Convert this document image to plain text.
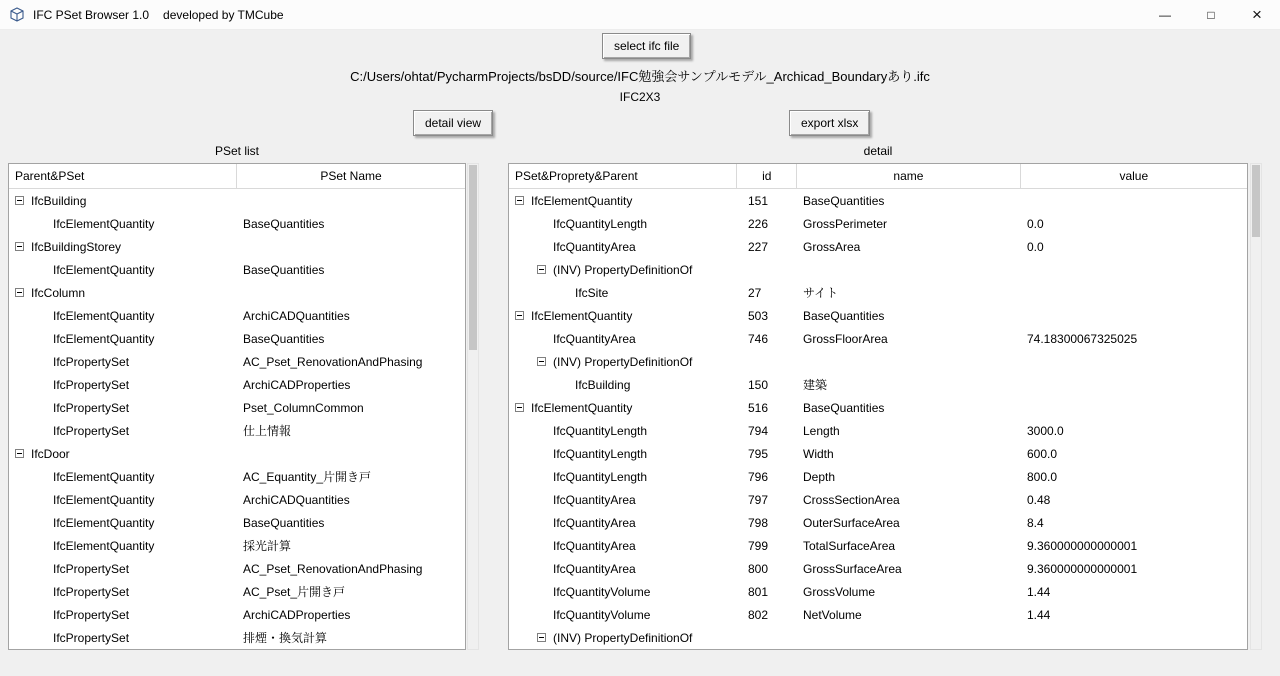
IFC PSet Browser 1.0 developed by TMCube	—	□	×
select ifc file
C:/Users/ohtat/PycharmProjects/bsDD/source/IFC勉強会サンプルモデル_Archicad_Boundaryあり.ifc
IFC2X3
detail view	export xlsx
PSet list	detail
Parent&PSet	PSet Name
IfcBuilding
IfcElementQuantity	BaseQuantities
IfcBuildingStorey
IfcElementQuantity	BaseQuantities
IfcColumn
IfcElementQuantity	ArchiCADQuantities
IfcElementQuantity	BaseQuantities
IfcPropertySet	AC_Pset_RenovationAndPhasing
IfcPropertySet	ArchiCADProperties
IfcPropertySet	Pset_ColumnCommon
IfcPropertySet	仕上情報
IfcDoor
IfcElementQuantity	AC_Equantity_片開き戸
IfcElementQuantity	ArchiCADQuantities
IfcElementQuantity	BaseQuantities
IfcElementQuantity	採光計算
IfcPropertySet	AC_Pset_RenovationAndPhasing
IfcPropertySet	AC_Pset_片開き戸
IfcPropertySet	ArchiCADProperties
IfcPropertySet	排煙・換気計算
PSet&Proprety&Parent	id	name	value
IfcElementQuantity	151	BaseQuantities
IfcQuantityLength	226	GrossPerimeter	0.0
IfcQuantityArea	227	GrossArea	0.0
(INV) PropertyDefinitionOf
IfcSite	27	サイト
IfcElementQuantity	503	BaseQuantities
IfcQuantityArea	746	GrossFloorArea	74.18300067325025
(INV) PropertyDefinitionOf
IfcBuilding	150	建築
IfcElementQuantity	516	BaseQuantities
IfcQuantityLength	794	Length	3000.0
IfcQuantityLength	795	Width	600.0
IfcQuantityLength	796	Depth	800.0
IfcQuantityArea	797	CrossSectionArea	0.48
IfcQuantityArea	798	OuterSurfaceArea	8.4
IfcQuantityArea	799	TotalSurfaceArea	9.360000000000001
IfcQuantityArea	800	GrossSurfaceArea	9.360000000000001
IfcQuantityVolume	801	GrossVolume	1.44
IfcQuantityVolume	802	NetVolume	1.44
(INV) PropertyDefinitionOf
